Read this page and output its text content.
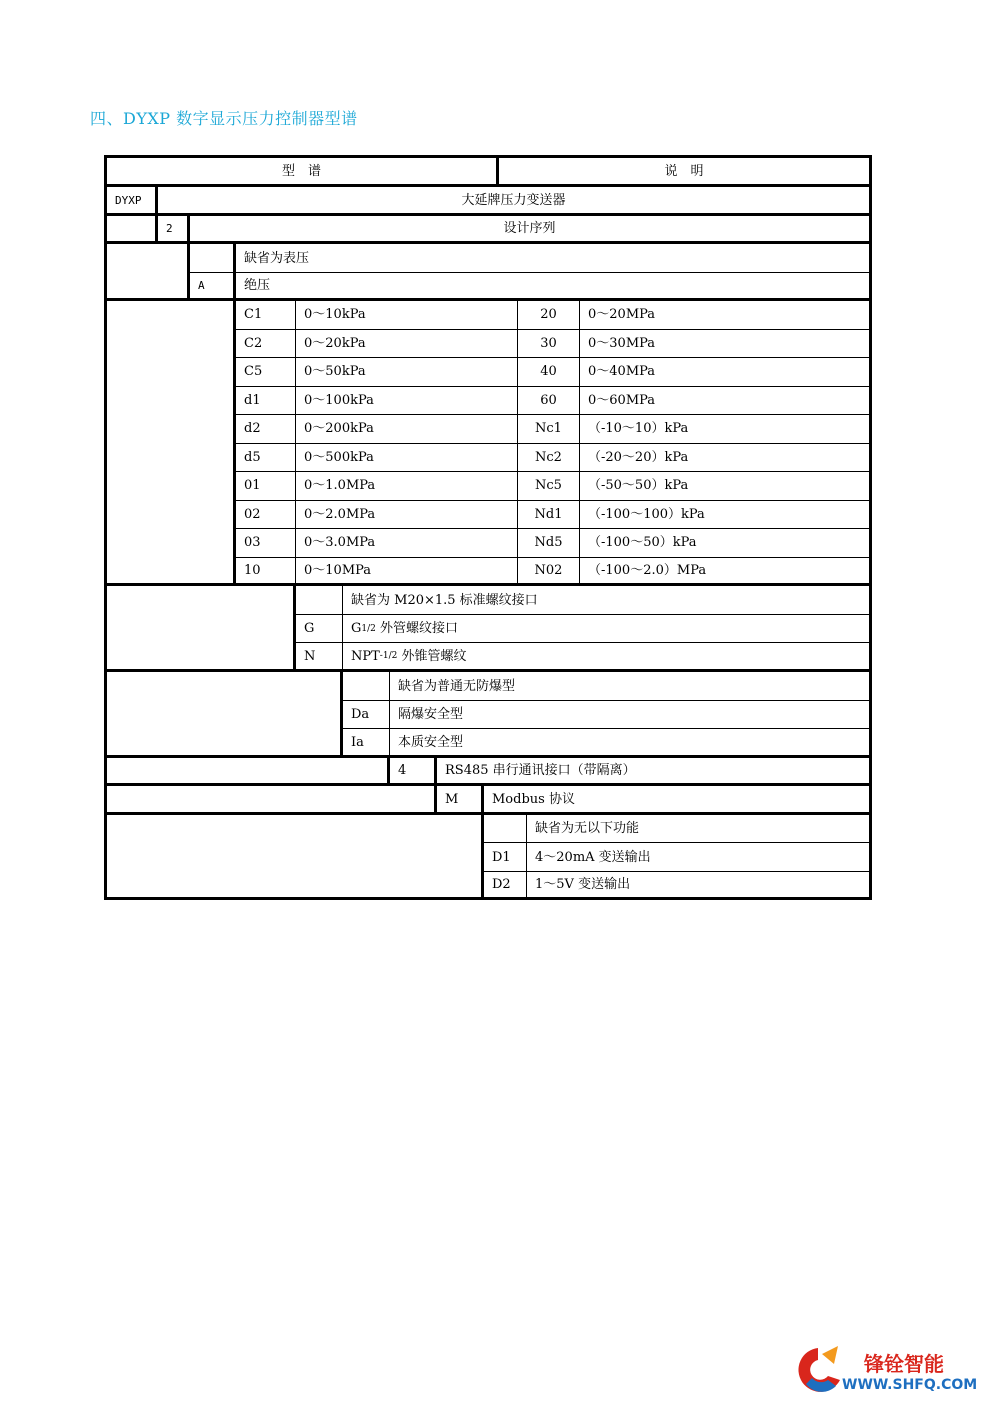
四、DYXP 数字显示压力控制器型谱
型　谱	说　明
DYXP	大延牌压力变送器
2	设计序列
缺省为表压
A	绝压
C1	0～10kPa	20	0～20MPa
C2	0～20kPa	30	0～30MPa
C5	0～50kPa	40	0～40MPa
d1	0～100kPa	60	0～60MPa
d2	0～200kPa	Nc1	（-10～10）kPa
d5	0～500kPa	Nc2	（-20～20）kPa
01	0～1.0MPa	Nc5	（-50～50）kPa
02	0～2.0MPa	Nd1	（-100～100）kPa
03	0～3.0MPa	Nd5	（-100～50）kPa
10	0～10MPa	N02	（-100～2.0）MPa
缺省为 M20×1.5 标准螺纹接口
G	G 1 /2 外管螺纹接口
N	NPT -1 /2 外锥管螺纹
缺省为普通无防爆型
Da	隔爆安全型
Ia	本质安全型
4	RS485 串行通讯接口（带隔离）
M	Modbus 协议
缺省为无以下功能
D1	4～20mA 变送输出
D2	1～5V 变送输出
锋铨智能
WWW.SHFQ.COM
